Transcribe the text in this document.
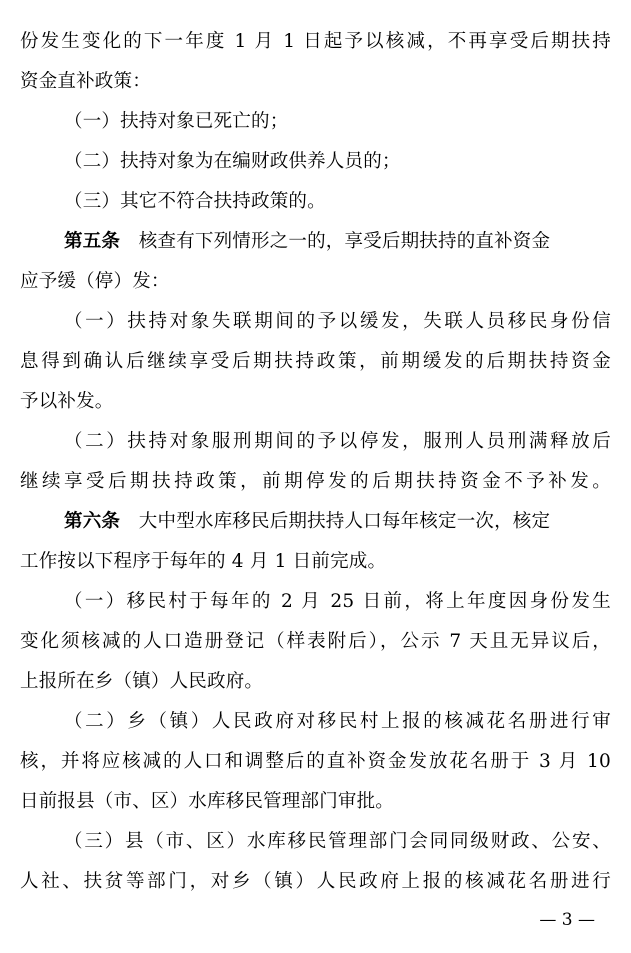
份发生变化的下一年度 1 月 1 日起予以核减，不再享受后期扶持
资金直补政策：
（一）扶持对象已死亡的；
（二）扶持对象为在编财政供养人员的；
（三）其它不符合扶持政策的。
第五条　核查有下列情形之一的，享受后期扶持的直补资金
应予缓（停）发：
（一）扶持对象失联期间的予以缓发，失联人员移民身份信
息得到确认后继续享受后期扶持政策，前期缓发的后期扶持资金
予以补发。
（二）扶持对象服刑期间的予以停发，服刑人员刑满释放后
继续享受后期扶持政策，前期停发的后期扶持资金不予补发。
第六条　大中型水库移民后期扶持人口每年核定一次，核定
工作按以下程序于每年的 4 月 1 日前完成。
（一）移民村于每年的 2 月 25 日前，将上年度因身份发生
变化须核减的人口造册登记（样表附后），公示 7 天且无异议后，
上报所在乡（镇）人民政府。
（二）乡（镇）人民政府对移民村上报的核减花名册进行审
核，并将应核减的人口和调整后的直补资金发放花名册于 3 月 10
日前报县（市、区）水库移民管理部门审批。
（三）县（市、区）水库移民管理部门会同同级财政、公安、
人社、扶贫等部门，对乡（镇）人民政府上报的核减花名册进行
— 3 —
